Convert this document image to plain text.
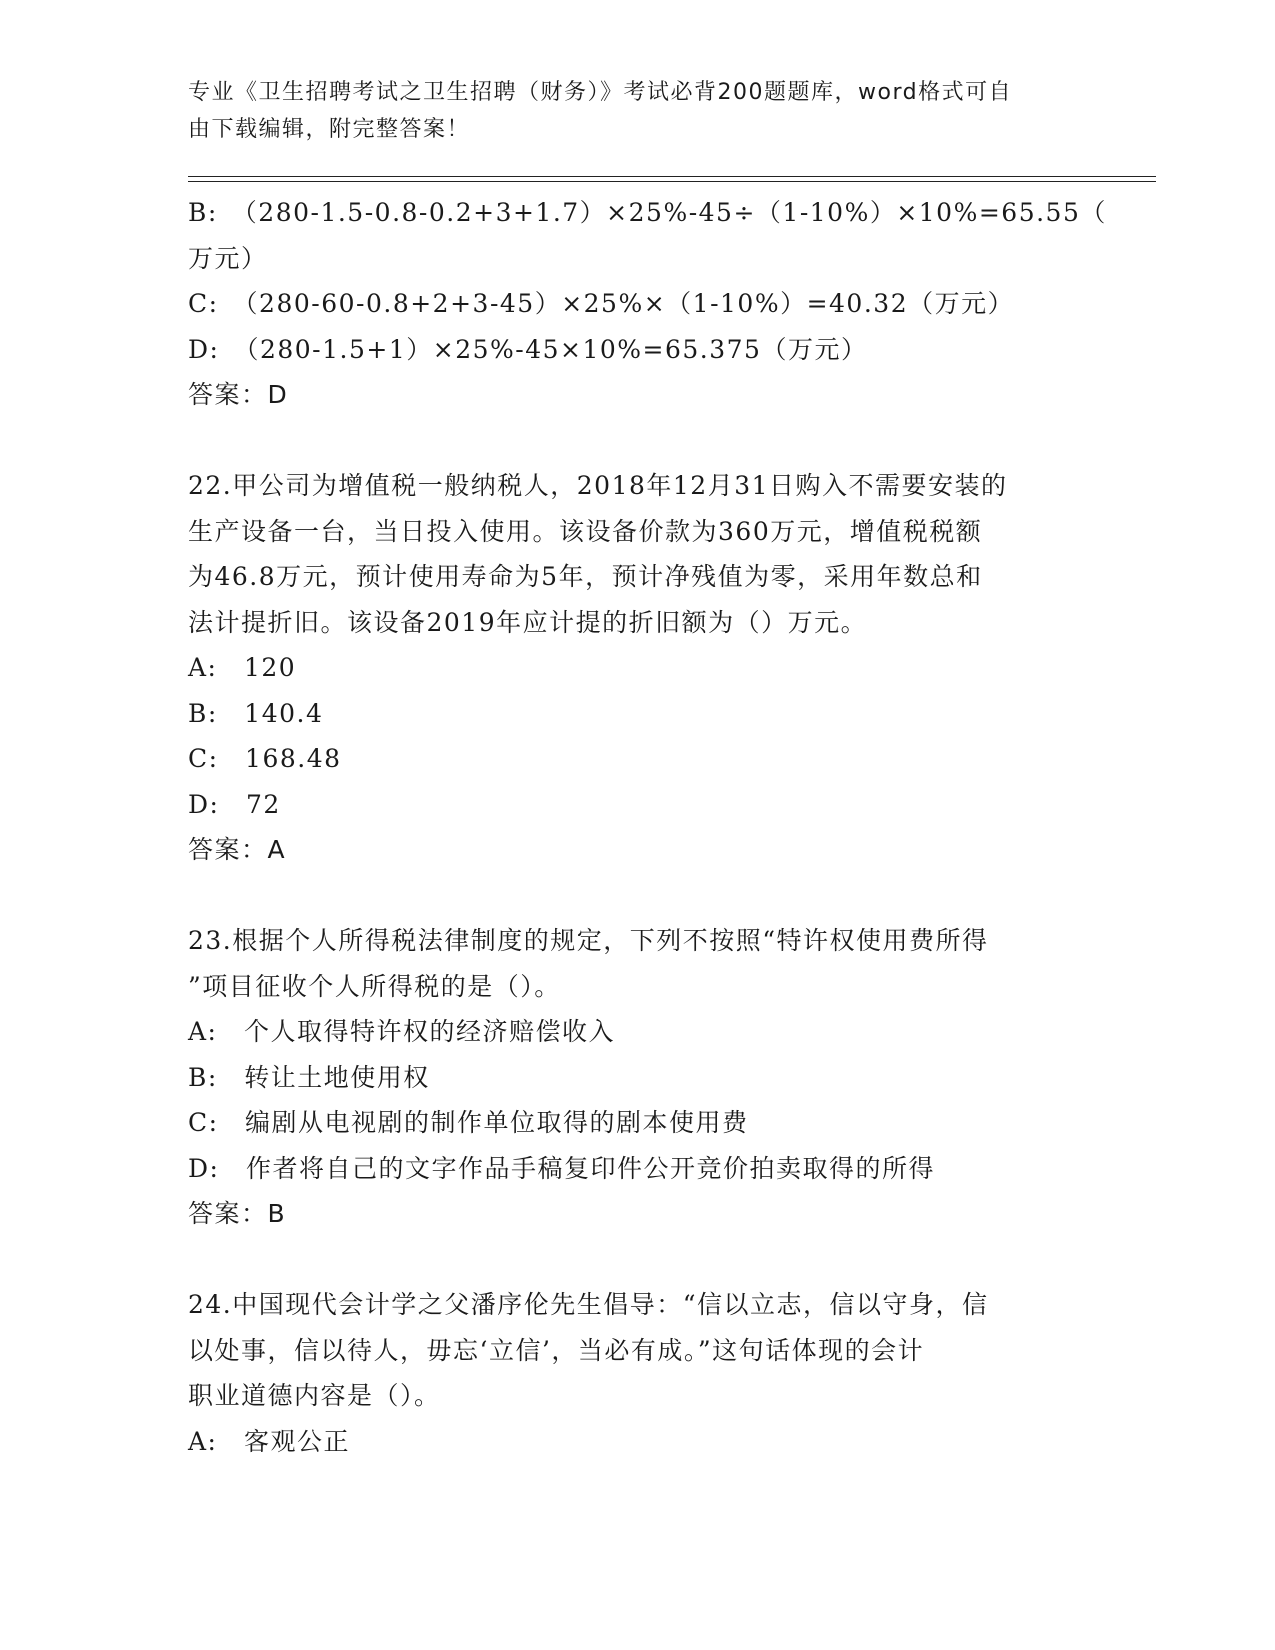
专业《卫生招聘考试之卫生招聘（财务）》考试必背200题题库，word格式可自
由下载编辑，附完整答案！
B:　（280-1.5-0.8-0.2+3+1.7）×25%-45÷（1-10%）×10%=65.55（
万元）
C:　（280-60-0.8+2+3-45）×25%×（1-10%）=40.32（万元）
D:　（280-1.5+1）×25%-45×10%=65.375（万元）
答案：D
22.甲公司为增值税一般纳税人，2018年12月31日购入不需要安装的
生产设备一台，当日投入使用。该设备价款为360万元，增值税税额
为46.8万元，预计使用寿命为5年，预计净残值为零，采用年数总和
法计提折旧。该设备2019年应计提的折旧额为（）万元。
A:　120
B:　140.4
C:　168.48
D:　72
答案：A
23.根据个人所得税法律制度的规定，下列不按照“特许权使用费所得
”项目征收个人所得税的是（）。
A:　个人取得特许权的经济赔偿收入
B:　转让土地使用权
C:　编剧从电视剧的制作单位取得的剧本使用费
D:　作者将自己的文字作品手稿复印件公开竞价拍卖取得的所得
答案：B
24.中国现代会计学之父潘序伦先生倡导：“信以立志，信以守身，信
以处事，信以待人，毋忘‘立信’，当必有成。”这句话体现的会计
职业道德内容是（）。
A:　客观公正
